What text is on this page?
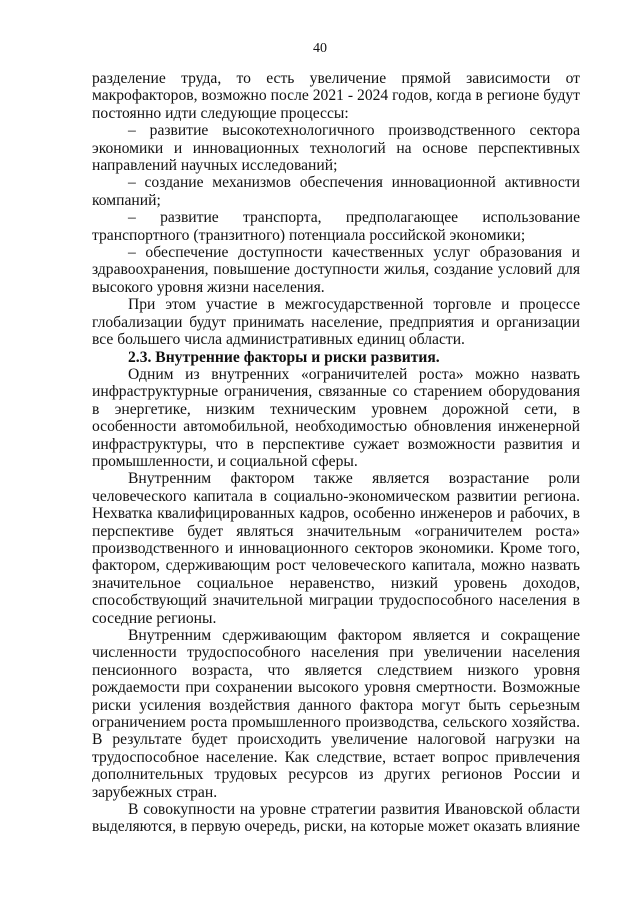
40

разделение труда, то есть увеличение прямой зависимости от макрофакторов, возможно после 2021 - 2024 годов, когда в регионе будут постоянно идти следующие процессы:

– развитие высокотехнологичного производственного сектора экономики и инновационных технологий на основе перспективных направлений научных исследований;

– создание механизмов обеспечения инновационной активности компаний;

– развитие транспорта, предполагающее использование транспортного (транзитного) потенциала российской экономики;

– обеспечение доступности качественных услуг образования и здравоохранения, повышение доступности жилья, создание условий для высокого уровня жизни населения.

При этом участие в межгосударственной торговле и процессе глобализации будут принимать население, предприятия и организации все большего числа административных единиц области.

2.3. Внутренние факторы и риски развития.

Одним из внутренних «ограничителей роста» можно назвать инфраструктурные ограничения, связанные со старением оборудования в энергетике, низким техническим уровнем дорожной сети, в особенности автомобильной, необходимостью обновления инженерной инфраструктуры, что в перспективе сужает возможности развития и промышленности, и социальной сферы.

Внутренним фактором также является возрастание роли человеческого капитала в социально-экономическом развитии региона. Нехватка квалифицированных кадров, особенно инженеров и рабочих, в перспективе будет являться значительным «ограничителем роста» производственного и инновационного секторов экономики. Кроме того, фактором, сдерживающим рост человеческого капитала, можно назвать значительное социальное неравенство, низкий уровень доходов, способствующий значительной миграции трудоспособного населения в соседние регионы.

Внутренним сдерживающим фактором является и сокращение численности трудоспособного населения при увеличении населения пенсионного возраста, что является следствием низкого уровня рождаемости при сохранении высокого уровня смертности. Возможные риски усиления воздействия данного фактора могут быть серьезным ограничением роста промышленного производства, сельского хозяйства. В результате будет происходить увеличение налоговой нагрузки на трудоспособное население. Как следствие, встает вопрос привлечения дополнительных трудовых ресурсов из других регионов России и зарубежных стран.

В совокупности на уровне стратегии развития Ивановской области выделяются, в первую очередь, риски, на которые может оказать влияние
